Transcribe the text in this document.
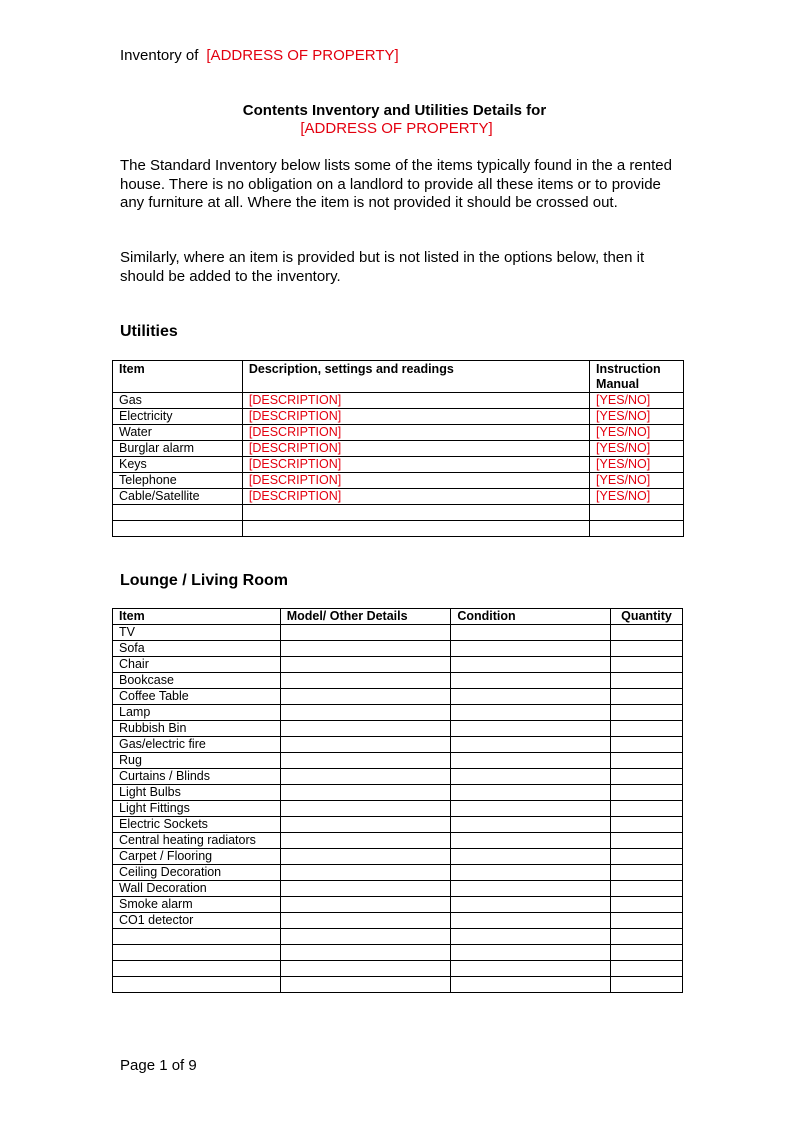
Inventory of [ADDRESS OF PROPERTY]
Contents Inventory and Utilities Details for
[ADDRESS OF PROPERTY]
The Standard Inventory below lists some of the items typically found in the a rented house. There is no obligation on a landlord to provide all these items or to provide any furniture at all. Where the item is not provided it should be crossed out.
Similarly, where an item is provided but is not listed in the options below, then it should be added to the inventory.
Utilities
Item	Description, settings and readings	Instruction Manual
Gas	[DESCRIPTION]	[YES/NO]
Electricity	[DESCRIPTION]	[YES/NO]
Water	[DESCRIPTION]	[YES/NO]
Burglar alarm	[DESCRIPTION]	[YES/NO]
Keys	[DESCRIPTION]	[YES/NO]
Telephone	[DESCRIPTION]	[YES/NO]
Cable/Satellite	[DESCRIPTION]	[YES/NO]

Lounge / Living Room
Item	Model/ Other Details	Condition	Quantity
TV			
Sofa			
Chair			
Bookcase			
Coffee Table			
Lamp			
Rubbish Bin			
Gas/electric fire			
Rug			
Curtains / Blinds			
Light Bulbs			
Light Fittings			
Electric Sockets			
Central heating radiators			
Carpet / Flooring			
Ceiling Decoration			
Wall Decoration			
Smoke alarm			
CO1 detector			

Page 1 of 9
